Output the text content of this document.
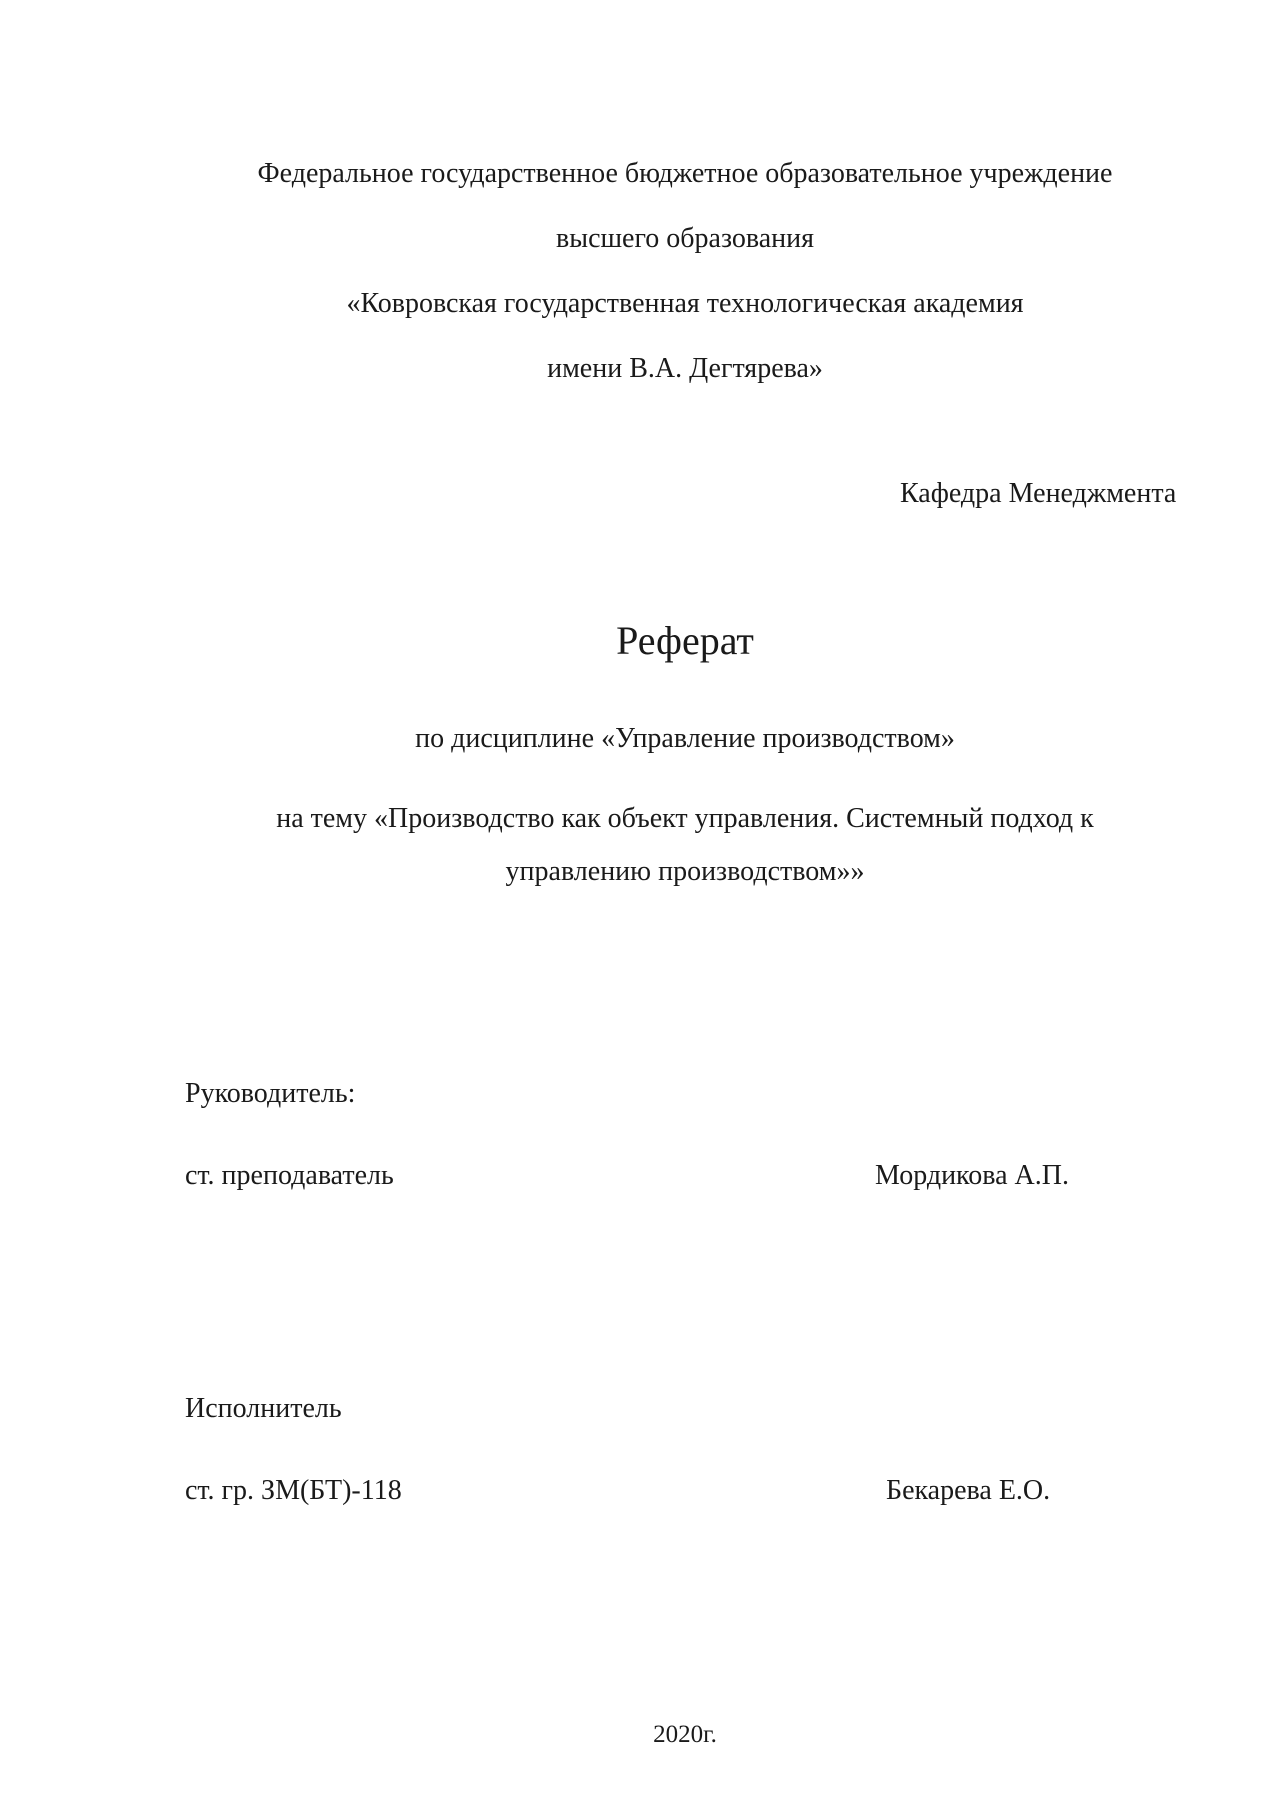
Федеральное государственное бюджетное образовательное учреждение
высшего образования
«Ковровская государственная технологическая академия
имени В.А. Дегтярева»
Кафедра Менеджмента
Реферат
по дисциплине «Управление производством»
на тему «Производство как объект управления. Системный подход к
управлению производством»»
Руководитель:
ст. преподаватель	Мордикова А.П.
Исполнитель
ст. гр. ЗМ(БТ)-118	Бекарева Е.О.
2020г.
